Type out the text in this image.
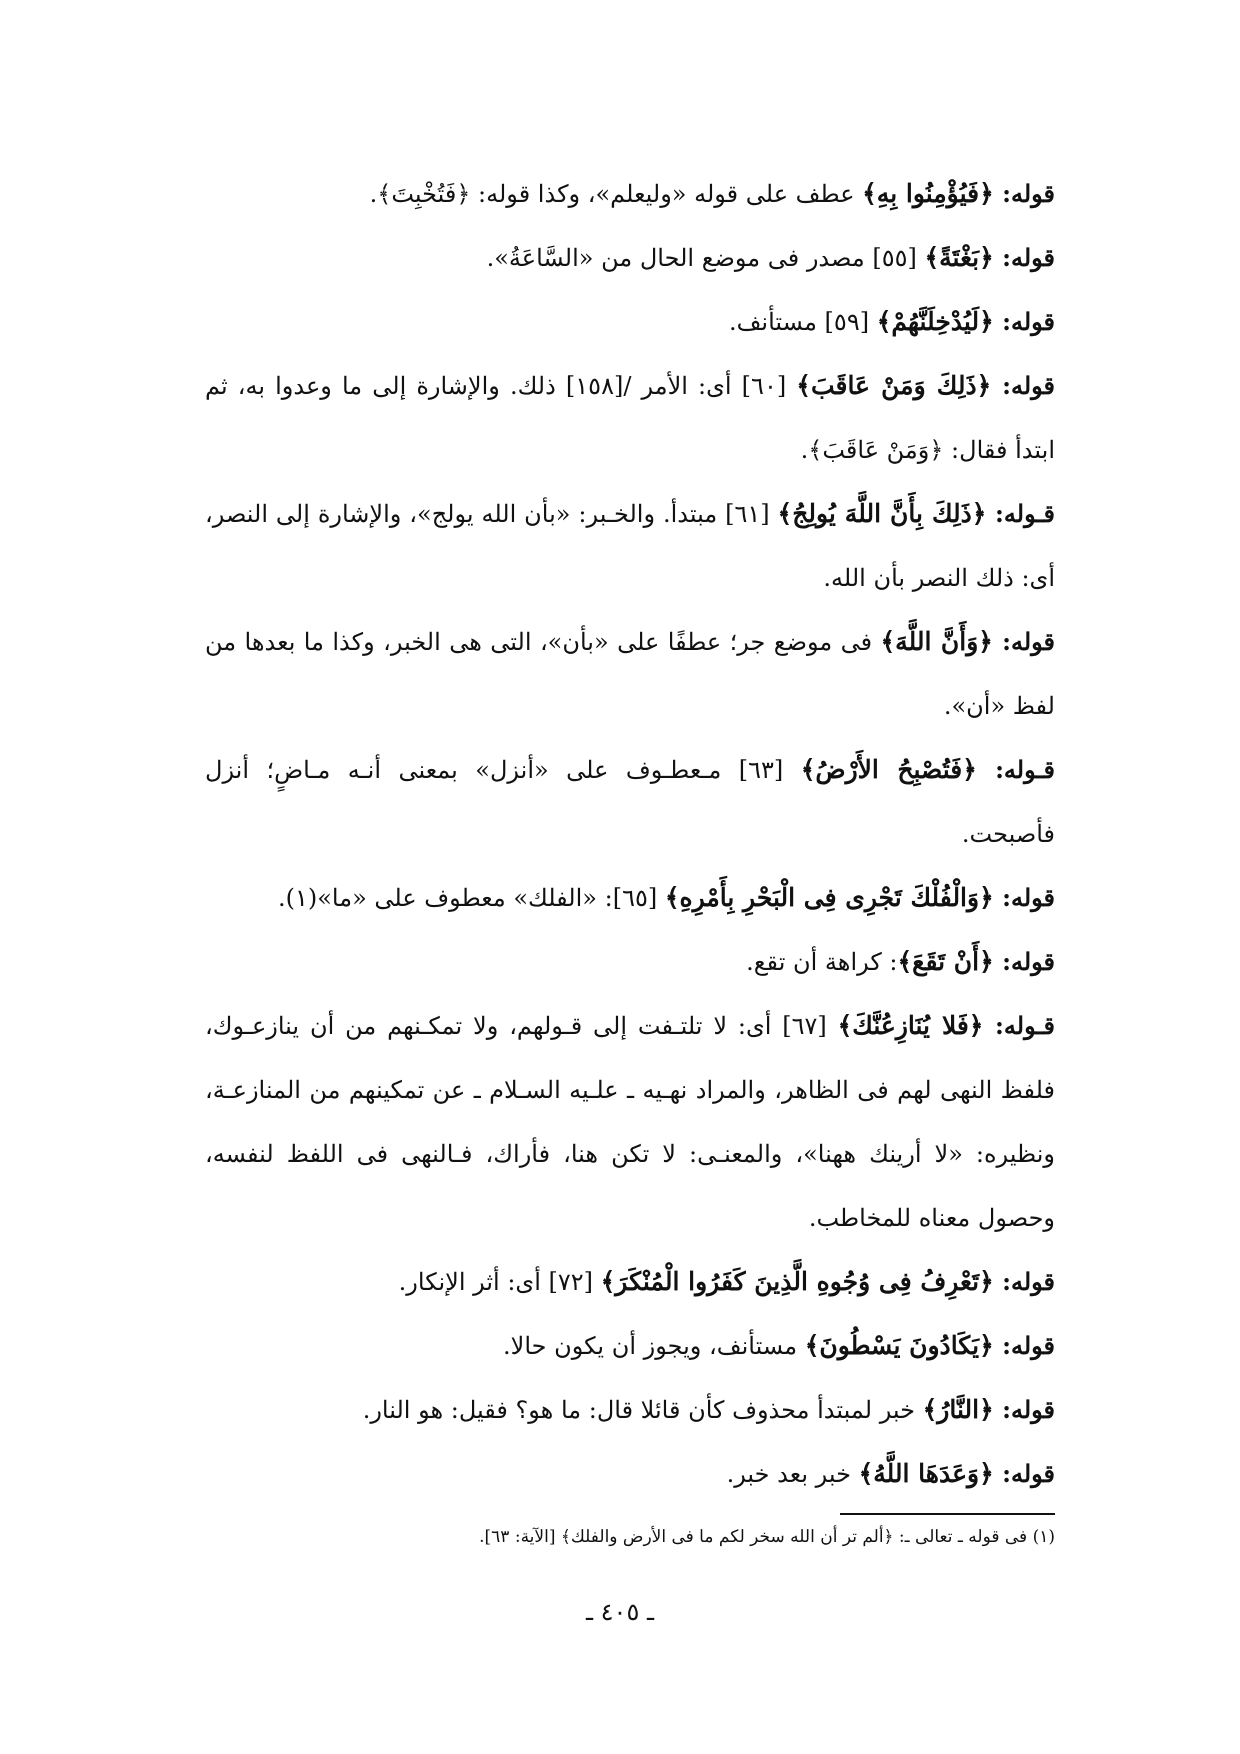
قوله: ﴿فَيُؤْمِنُوا بِهِ﴾ عطف على قوله «وليعلم»، وكذا قوله: ﴿فَتُخْبِتَ﴾.

قوله: ﴿بَغْتَةً﴾ [٥٥] مصدر فى موضع الحال من «السَّاعَةُ».

قوله: ﴿لَيُدْخِلَنَّهُمْ﴾ [٥٩] مستأنف.

قوله: ﴿ذَلِكَ وَمَنْ عَاقَبَ﴾ [٦٠] أى: الأمر /[١٥٨] ذلك. والإشارة إلى ما وعدوا به، ثم ابتدأ فقال: ﴿وَمَنْ عَاقَبَ﴾.

قـوله: ﴿ذَلِكَ بِأَنَّ اللَّهَ يُولِجُ﴾ [٦١] مبتدأ. والخـبر: «بأن الله يولج»، والإشارة إلى النصر، أى: ذلك النصر بأن الله.

قوله: ﴿وَأَنَّ اللَّهَ﴾ فى موضع جر؛ عطفًا على «بأن»، التى هى الخبر، وكذا ما بعدها من لفظ «أن».

قـوله: ﴿فَتُصْبِحُ الأَرْضُ﴾ [٦٣] مـعطـوف على «أنزل» بمعنى أنـه مـاضٍ؛ أنزل فأصبحت.

قوله: ﴿وَالْفُلْكَ تَجْرِى فِى الْبَحْرِ بِأَمْرِهِ﴾ [٦٥]: «الفلك» معطوف على «ما»(١).

قوله: ﴿أَنْ تَقَعَ﴾: كراهة أن تقع.

قـوله: ﴿فَلا يُنَازِعُنَّكَ﴾ [٦٧] أى: لا تلتـفت إلى قـولهم، ولا تمكـنهم من أن ينازعـوك، فلفظ النهى لهم فى الظاهر، والمراد نهـيه ـ علـيه السـلام ـ عن تمكينهم من المنازعـة، ونظيره: «لا أرينك ههنا»، والمعنـى: لا تكن هنا، فأراك، فـالنهى فى اللفظ لنفسه، وحصول معناه للمخاطب.

قوله: ﴿تَعْرِفُ فِى وُجُوهِ الَّذِينَ كَفَرُوا الْمُنْكَرَ﴾ [٧٢] أى: أثر الإنكار.

قوله: ﴿يَكَادُونَ يَسْطُونَ﴾ مستأنف، ويجوز أن يكون حالا.

قوله: ﴿النَّارُ﴾ خبر لمبتدأ محذوف كأن قائلا قال: ما هو؟ فقيل: هو النار.

قوله: ﴿وَعَدَهَا اللَّهُ﴾ خبر بعد خبر.

(١) فى قوله ـ تعالى ـ: ﴿ألم تر أن الله سخر لكم ما فى الأرض والفلك﴾ [الآية: ٦٣].
ـ ٤٠٥ ـ
